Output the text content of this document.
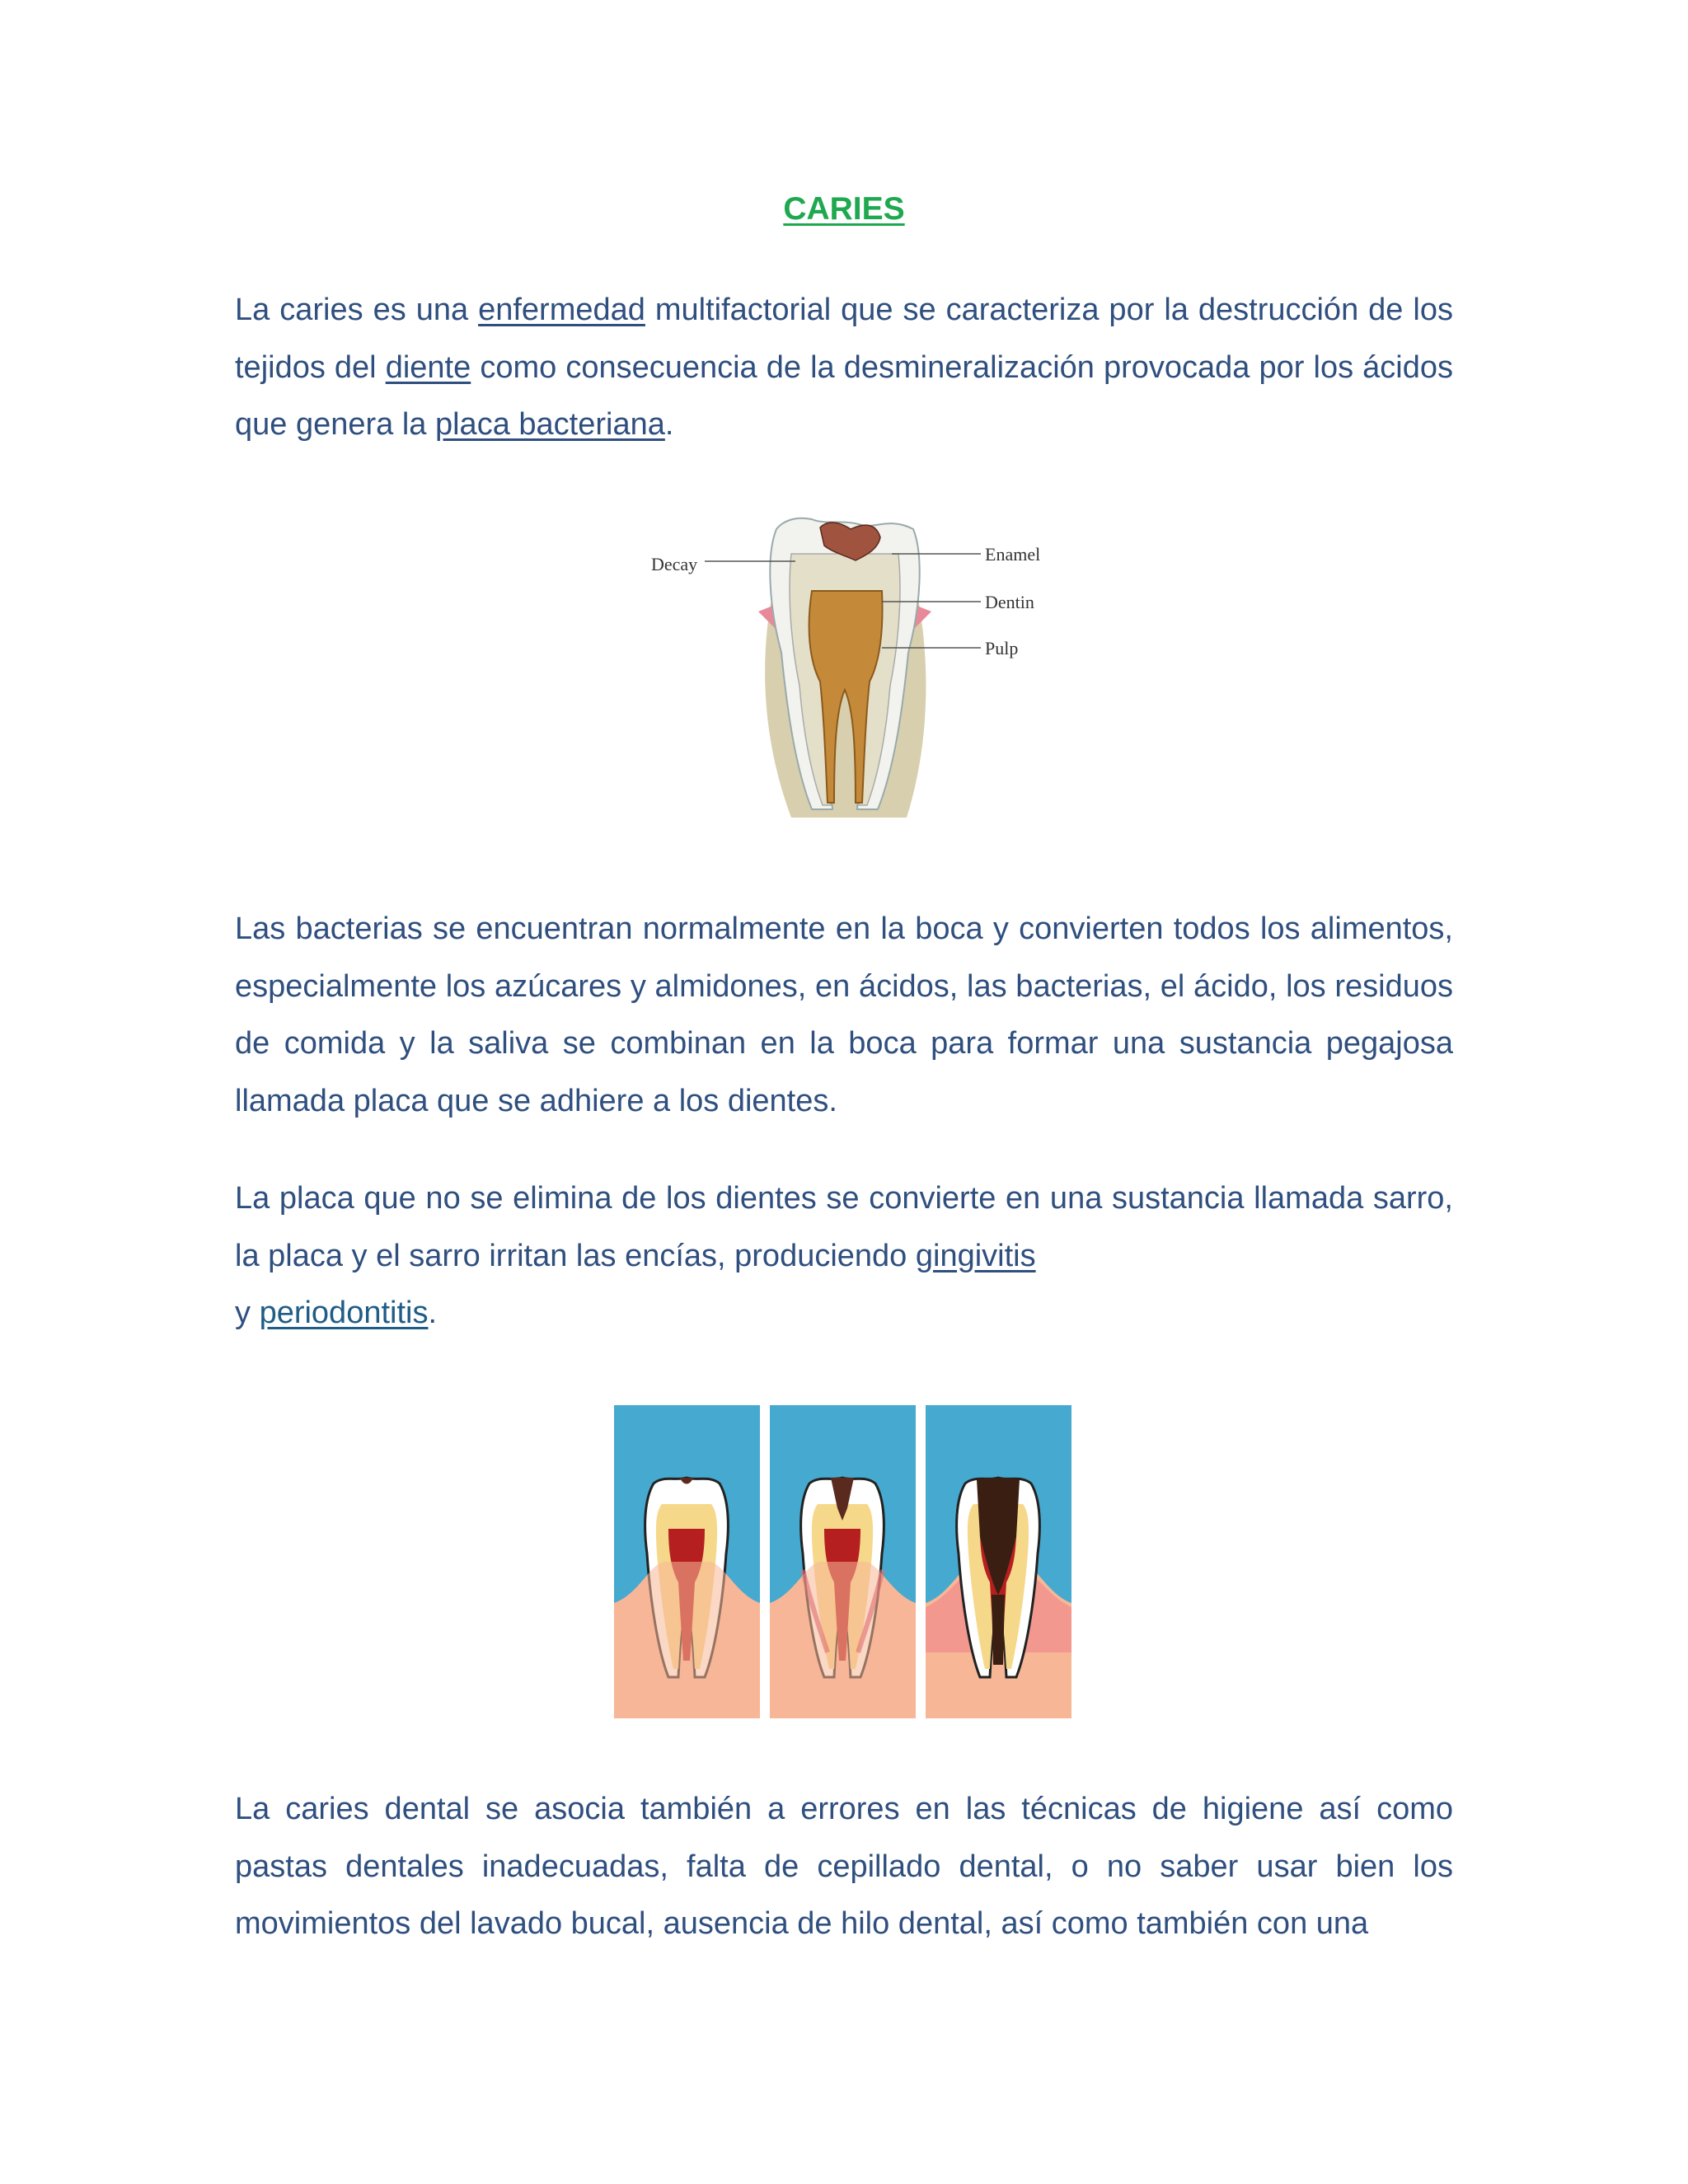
CARIES

La caries es una enfermedad multifactorial que se caracteriza por la destrucción de los tejidos del diente como consecuencia de la desmineralización provocada por los ácidos que genera la placa bacteriana.

Decay	Enamel
Dentin
Pulp

Las bacterias se encuentran normalmente en la boca y convierten todos los alimentos, especialmente los azúcares y almidones, en ácidos, las bacterias, el ácido, los residuos de comida y la saliva se combinan en la boca para formar una sustancia pegajosa llamada placa que se adhiere a los dientes.

La placa que no se elimina de los dientes se convierte en una sustancia llamada sarro, la placa y el sarro irritan las encías, produciendo gingivitis
y periodontitis.

La caries dental se asocia también a errores en las técnicas de higiene así como pastas dentales inadecuadas, falta de cepillado dental, o no saber usar bien los movimientos del lavado bucal, ausencia de hilo dental, así como también con una
